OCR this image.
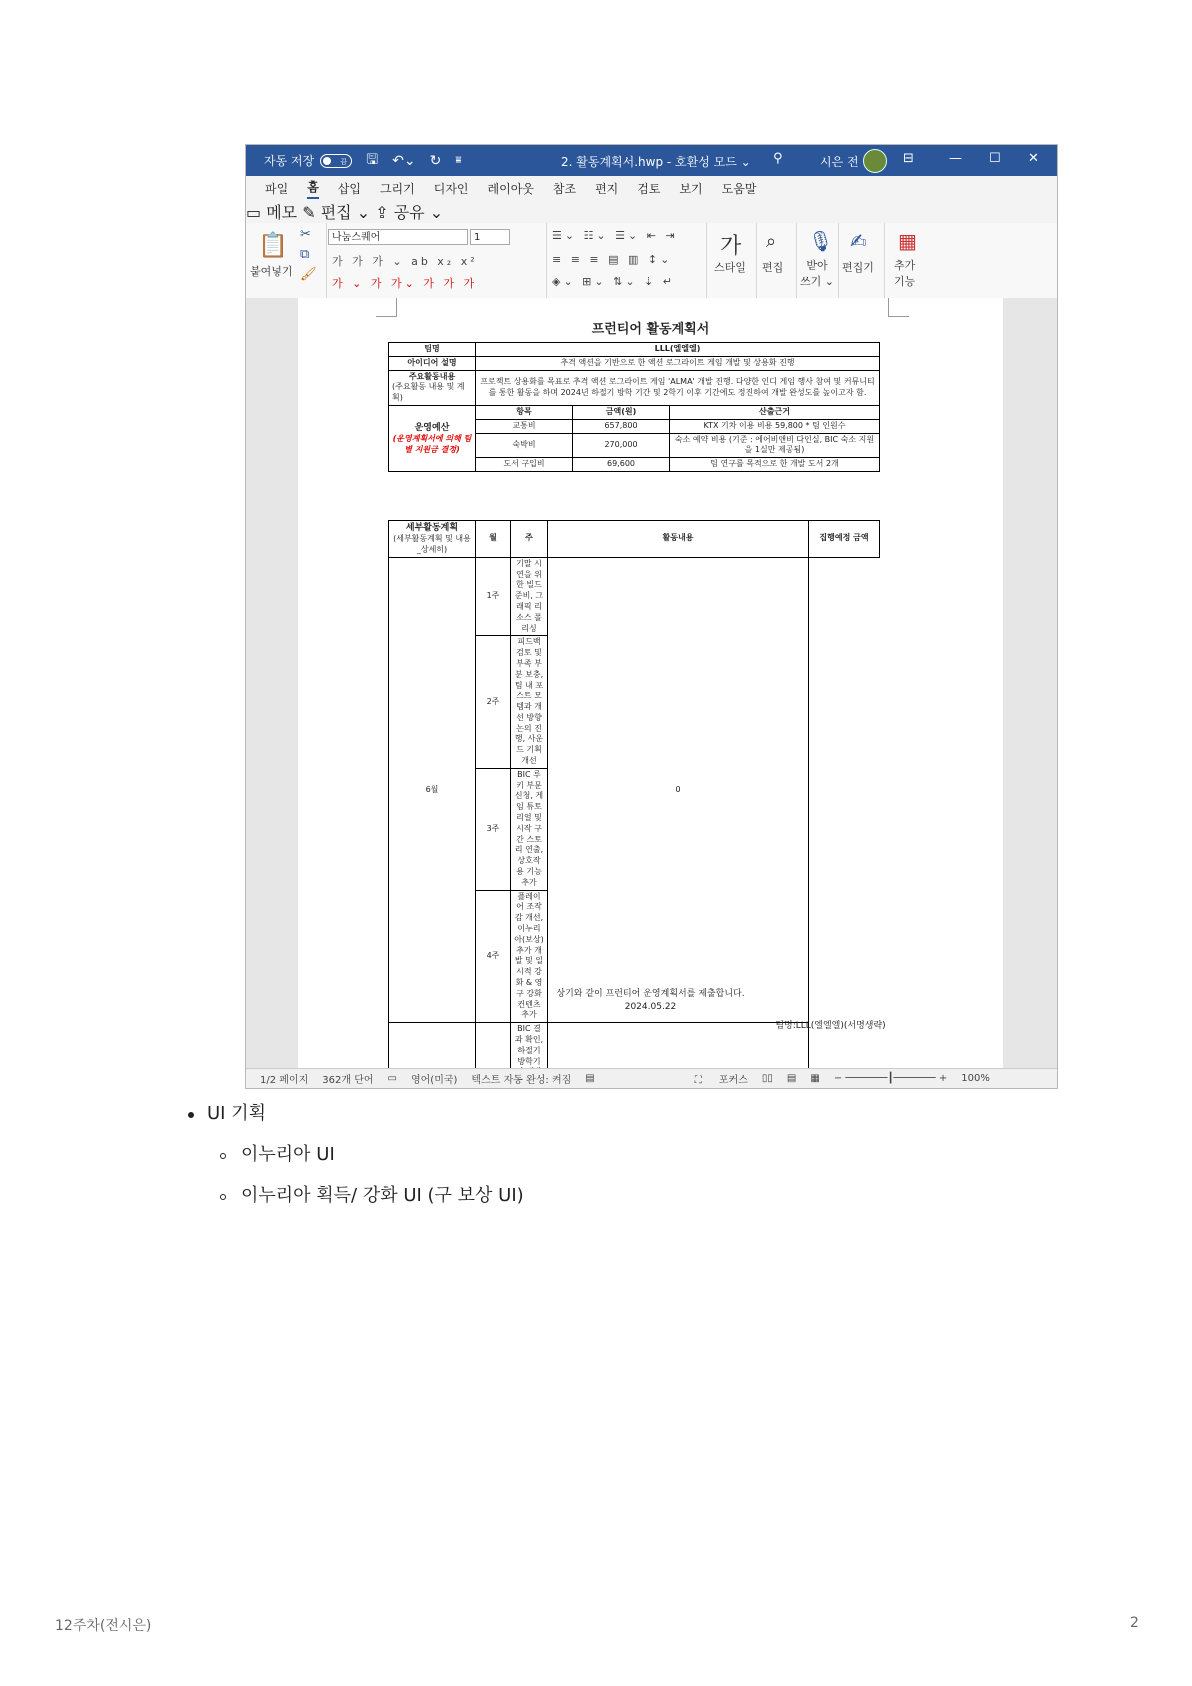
자동 저장	끔	🖫 ↶⌄ ↻ ⩸	2. 활동계획서.hwp - 호환성 모드 ⌄ ⚲	시은 전	⊟	— ☐ ✕
파일 홈 삽입 그리기 디자인 레이아웃 참조 편지 검토 보기 도움말
▭ 메모 ✎ 편집 ⌄ ⇪ 공유 ⌄
📋
붙여넣기
✂
⧉
🖌
나눔스퀘어	1
가 가 가 ⌄ ab x₂ x²
가 ⌄ 가 가⌄ 가 가 가
☰⌄ ☷⌄ ☰⌄ ⇤ ⇥
≡ ≡ ≡ ▤ ▥ ↕⌄
◈⌄ ⊞⌄ ⇅⌄ ⇣ ↵
가
스타일
⌕
편집
🎙
받아
쓰기 ⌄
✍
편집기
▦
추가
기능
프런티어 활동계획서
팀명	LLL(엘엘엘)		
아이디어 설명	추격 액션을 기반으로 한 액션 로그라이트 게임 개발 및 상용화 진행		

주요활동내용
(주요활동 내용 및 계획)	프로젝트 상용화를 목표로 추격 액션 로그라이트 게임 'ALMA' 개발 진행. 다양한 인디 게임 행사 참여 및 커뮤니티를 통한 활동을 하며 2024년 하절기 방학 기간 및 2학기 이후 기간에도 정진하여 개발 완성도를 높이고자 함.		

운영예산
(운영계획서에 의해 팀별 지원금 결정)	항목	금액(원)	산출근거
	교통비	657,800	KTX 기차 이용 비용 59,800 * 팀 인원수
	숙박비	270,000	숙소 예약 비용 (기준 : 에어비앤비 다인실, BIC 숙소 지원을 1실만 제공됨)
	도서 구입비	69,600	팀 연구를 목적으로 한 개발 도서 2개
세부활동계획
(세부활동계획 및 내용_상세히)	월	주	활동내용	집행예정 금액
6월	1주	기말 시연을 위한 빌드 준비, 그래픽 리소스 폴리싱	0	
	2주	피드백 검토 및 부족 부분 보충, 팀 내 포스트 모템과 개선 방향 논의 진행, 사운드 기획 개선		
	3주	BIC 루키 부문 신청, 게임 튜토리얼 및 시작 구간 스토리 연출, 상호작용 기능 추가		
	4주	플레이어 조작감 개선, 이누리아(보상) 추가 개발 및 일시적 강화 & 영구 강화 컨텐츠 추가		
		BIC 결과 확인, 하절기 방학기	

상기와 같이 프런티어 운영계획서를 제출합니다.
2024.05.22
팀명:LLL(엘엘엘)(서명생략)
1/2 페이지 362개 단어 ▭ 영어(미국) 텍스트 자동 완성: 켜짐 ▤	⛶ 포커스 ▯▯ ▤ ▦ − ───────┃─────── + 100%
UI 기획
이누리아 UI
이누리아 획득/ 강화 UI (구 보상 UI)
12주차(전시은)	2
